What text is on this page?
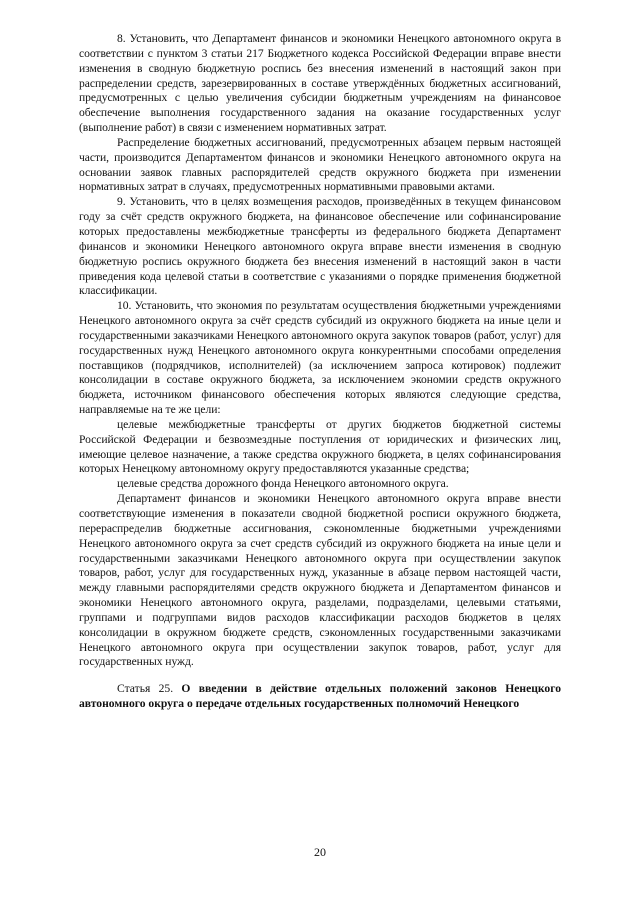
8. Установить, что Департамент финансов и экономики Ненецкого автономного округа в соответствии с пунктом 3 статьи 217 Бюджетного кодекса Российской Федерации вправе внести изменения в сводную бюджетную роспись без внесения изменений в настоящий закон при распределении средств, зарезервированных в составе утверждённых бюджетных ассигнований, предусмотренных с целью увеличения субсидии бюджетным учреждениям на финансовое обеспечение выполнения государственного задания на оказание государственных услуг (выполнение работ) в связи с изменением нормативных затрат.

Распределение бюджетных ассигнований, предусмотренных абзацем первым настоящей части, производится Департаментом финансов и экономики Ненецкого автономного округа на основании заявок главных распорядителей средств окружного бюджета при изменении нормативных затрат в случаях, предусмотренных нормативными правовыми актами.

9. Установить, что в целях возмещения расходов, произведённых в текущем финансовом году за счёт средств окружного бюджета, на финансовое обеспечение или софинансирование которых предоставлены межбюджетные трансферты из федерального бюджета Департамент финансов и экономики Ненецкого автономного округа вправе внести изменения в сводную бюджетную роспись окружного бюджета без внесения изменений в настоящий закон в части приведения кода целевой статьи в соответствие с указаниями о порядке применения бюджетной классификации.

10. Установить, что экономия по результатам осуществления бюджетными учреждениями Ненецкого автономного округа за счёт средств субсидий из окружного бюджета на иные цели и государственными заказчиками Ненецкого автономного округа закупок товаров (работ, услуг) для государственных нужд Ненецкого автономного округа конкурентными способами определения поставщиков (подрядчиков, исполнителей) (за исключением запроса котировок) подлежит консолидации в составе окружного бюджета, за исключением экономии средств окружного бюджета, источником финансового обеспечения которых являются следующие средства, направляемые на те же цели:

целевые межбюджетные трансферты от других бюджетов бюджетной системы Российской Федерации и безвозмездные поступления от юридических и физических лиц, имеющие целевое назначение, а также средства окружного бюджета, в целях софинансирования которых Ненецкому автономному округу предоставляются указанные средства;

целевые средства дорожного фонда Ненецкого автономного округа.

Департамент финансов и экономики Ненецкого автономного округа вправе внести соответствующие изменения в показатели сводной бюджетной росписи окружного бюджета, перераспределив бюджетные ассигнования, сэкономленные бюджетными учреждениями Ненецкого автономного округа за счет средств субсидий из окружного бюджета на иные цели и государственными заказчиками Ненецкого автономного округа при осуществлении закупок товаров, работ, услуг для государственных нужд, указанные в абзаце первом настоящей части, между главными распорядителями средств окружного бюджета и Департаментом финансов и экономики Ненецкого автономного округа, разделами, подразделами, целевыми статьями, группами и подгруппами видов расходов классификации расходов бюджетов в целях консолидации в окружном бюджете средств, сэкономленных государственными заказчиками Ненецкого автономного округа при осуществлении закупок товаров, работ, услуг для государственных нужд.

Статья 25. О введении в действие отдельных положений законов Ненецкого автономного округа о передаче отдельных государственных полномочий Ненецкого

20
